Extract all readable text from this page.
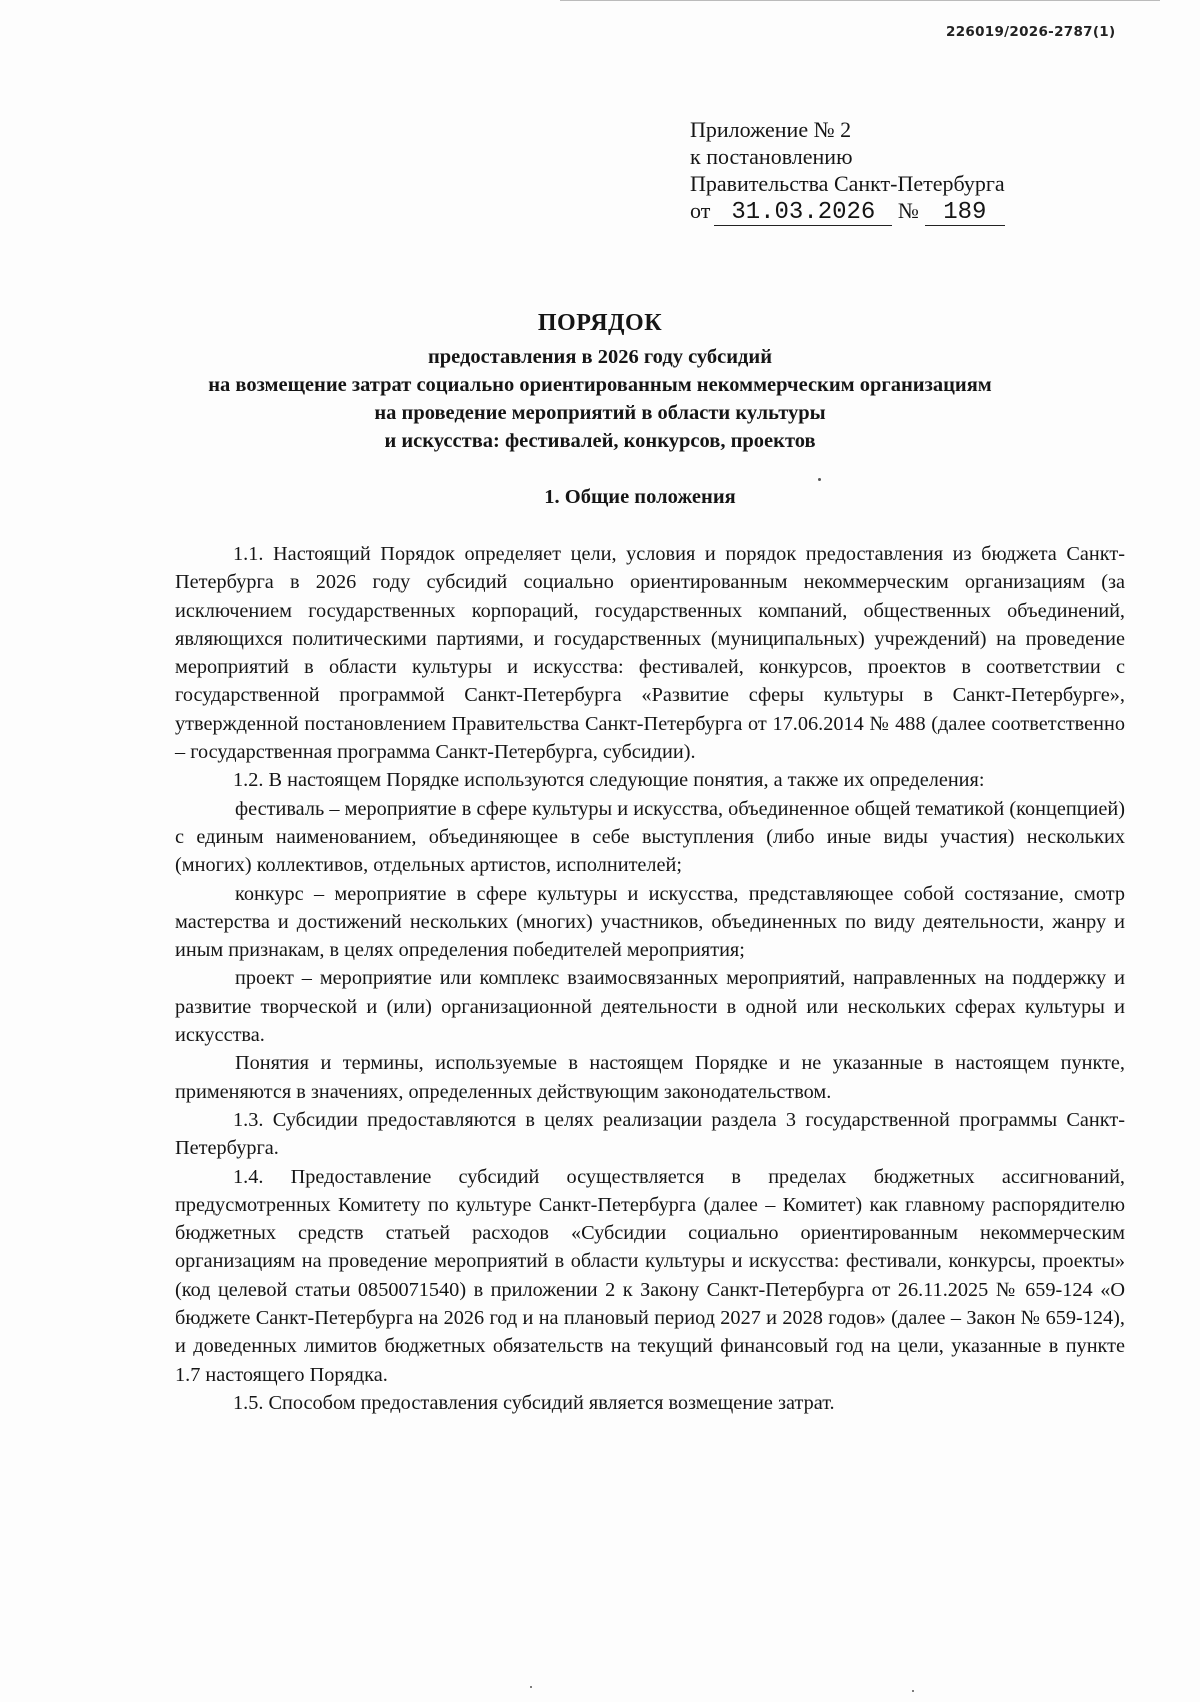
226019/2026-2787(1)
Приложение № 2
к постановлению
Правительства Санкт-Петербурга
от 31.03.2026 № 189
ПОРЯДОК
предоставления в 2026 году субсидий
на возмещение затрат социально ориентированным некоммерческим организациям
на проведение мероприятий в области культуры
и искусства: фестивалей, конкурсов, проектов
1. Общие положения

1.1. Настоящий Порядок определяет цели, условия и порядок предоставления из бюджета Санкт-Петербурга в 2026 году субсидий социально ориентированным некоммерческим организациям (за исключением государственных корпораций, государственных компаний, общественных объединений, являющихся политическими партиями, и государственных (муниципальных) учреждений) на проведение мероприятий в области культуры и искусства: фестивалей, конкурсов, проектов в соответствии с государственной программой Санкт-Петербурга «Развитие сферы культуры в Санкт-Петербурге», утвержденной постановлением Правительства Санкт-Петербурга от 17.06.2014 № 488 (далее соответственно – государственная программа Санкт-Петербурга, субсидии).

1.2. В настоящем Порядке используются следующие понятия, а также их определения:

фестиваль – мероприятие в сфере культуры и искусства, объединенное общей тематикой (концепцией) с единым наименованием, объединяющее в себе выступления (либо иные виды участия) нескольких (многих) коллективов, отдельных артистов, исполнителей;

конкурс – мероприятие в сфере культуры и искусства, представляющее собой состязание, смотр мастерства и достижений нескольких (многих) участников, объединенных по виду деятельности, жанру и иным признакам, в целях определения победителей мероприятия;

проект – мероприятие или комплекс взаимосвязанных мероприятий, направленных на поддержку и развитие творческой и (или) организационной деятельности в одной или нескольких сферах культуры и искусства.

Понятия и термины, используемые в настоящем Порядке и не указанные в настоящем пункте, применяются в значениях, определенных действующим законодательством.

1.3. Субсидии предоставляются в целях реализации раздела 3 государственной программы Санкт-Петербурга.

1.4. Предоставление субсидий осуществляется в пределах бюджетных ассигнований, предусмотренных Комитету по культуре Санкт-Петербурга (далее – Комитет) как главному распорядителю бюджетных средств статьей расходов «Субсидии социально ориентированным некоммерческим организациям на проведение мероприятий в области культуры и искусства: фестивали, конкурсы, проекты» (код целевой статьи 0850071540) в приложении 2 к Закону Санкт-Петербурга от 26.11.2025 № 659-124 «О бюджете Санкт-Петербурга на 2026 год и на плановый период 2027 и 2028 годов» (далее – Закон № 659-124), и доведенных лимитов бюджетных обязательств на текущий финансовый год на цели, указанные в пункте 1.7 настоящего Порядка.

1.5. Способом предоставления субсидий является возмещение затрат.
